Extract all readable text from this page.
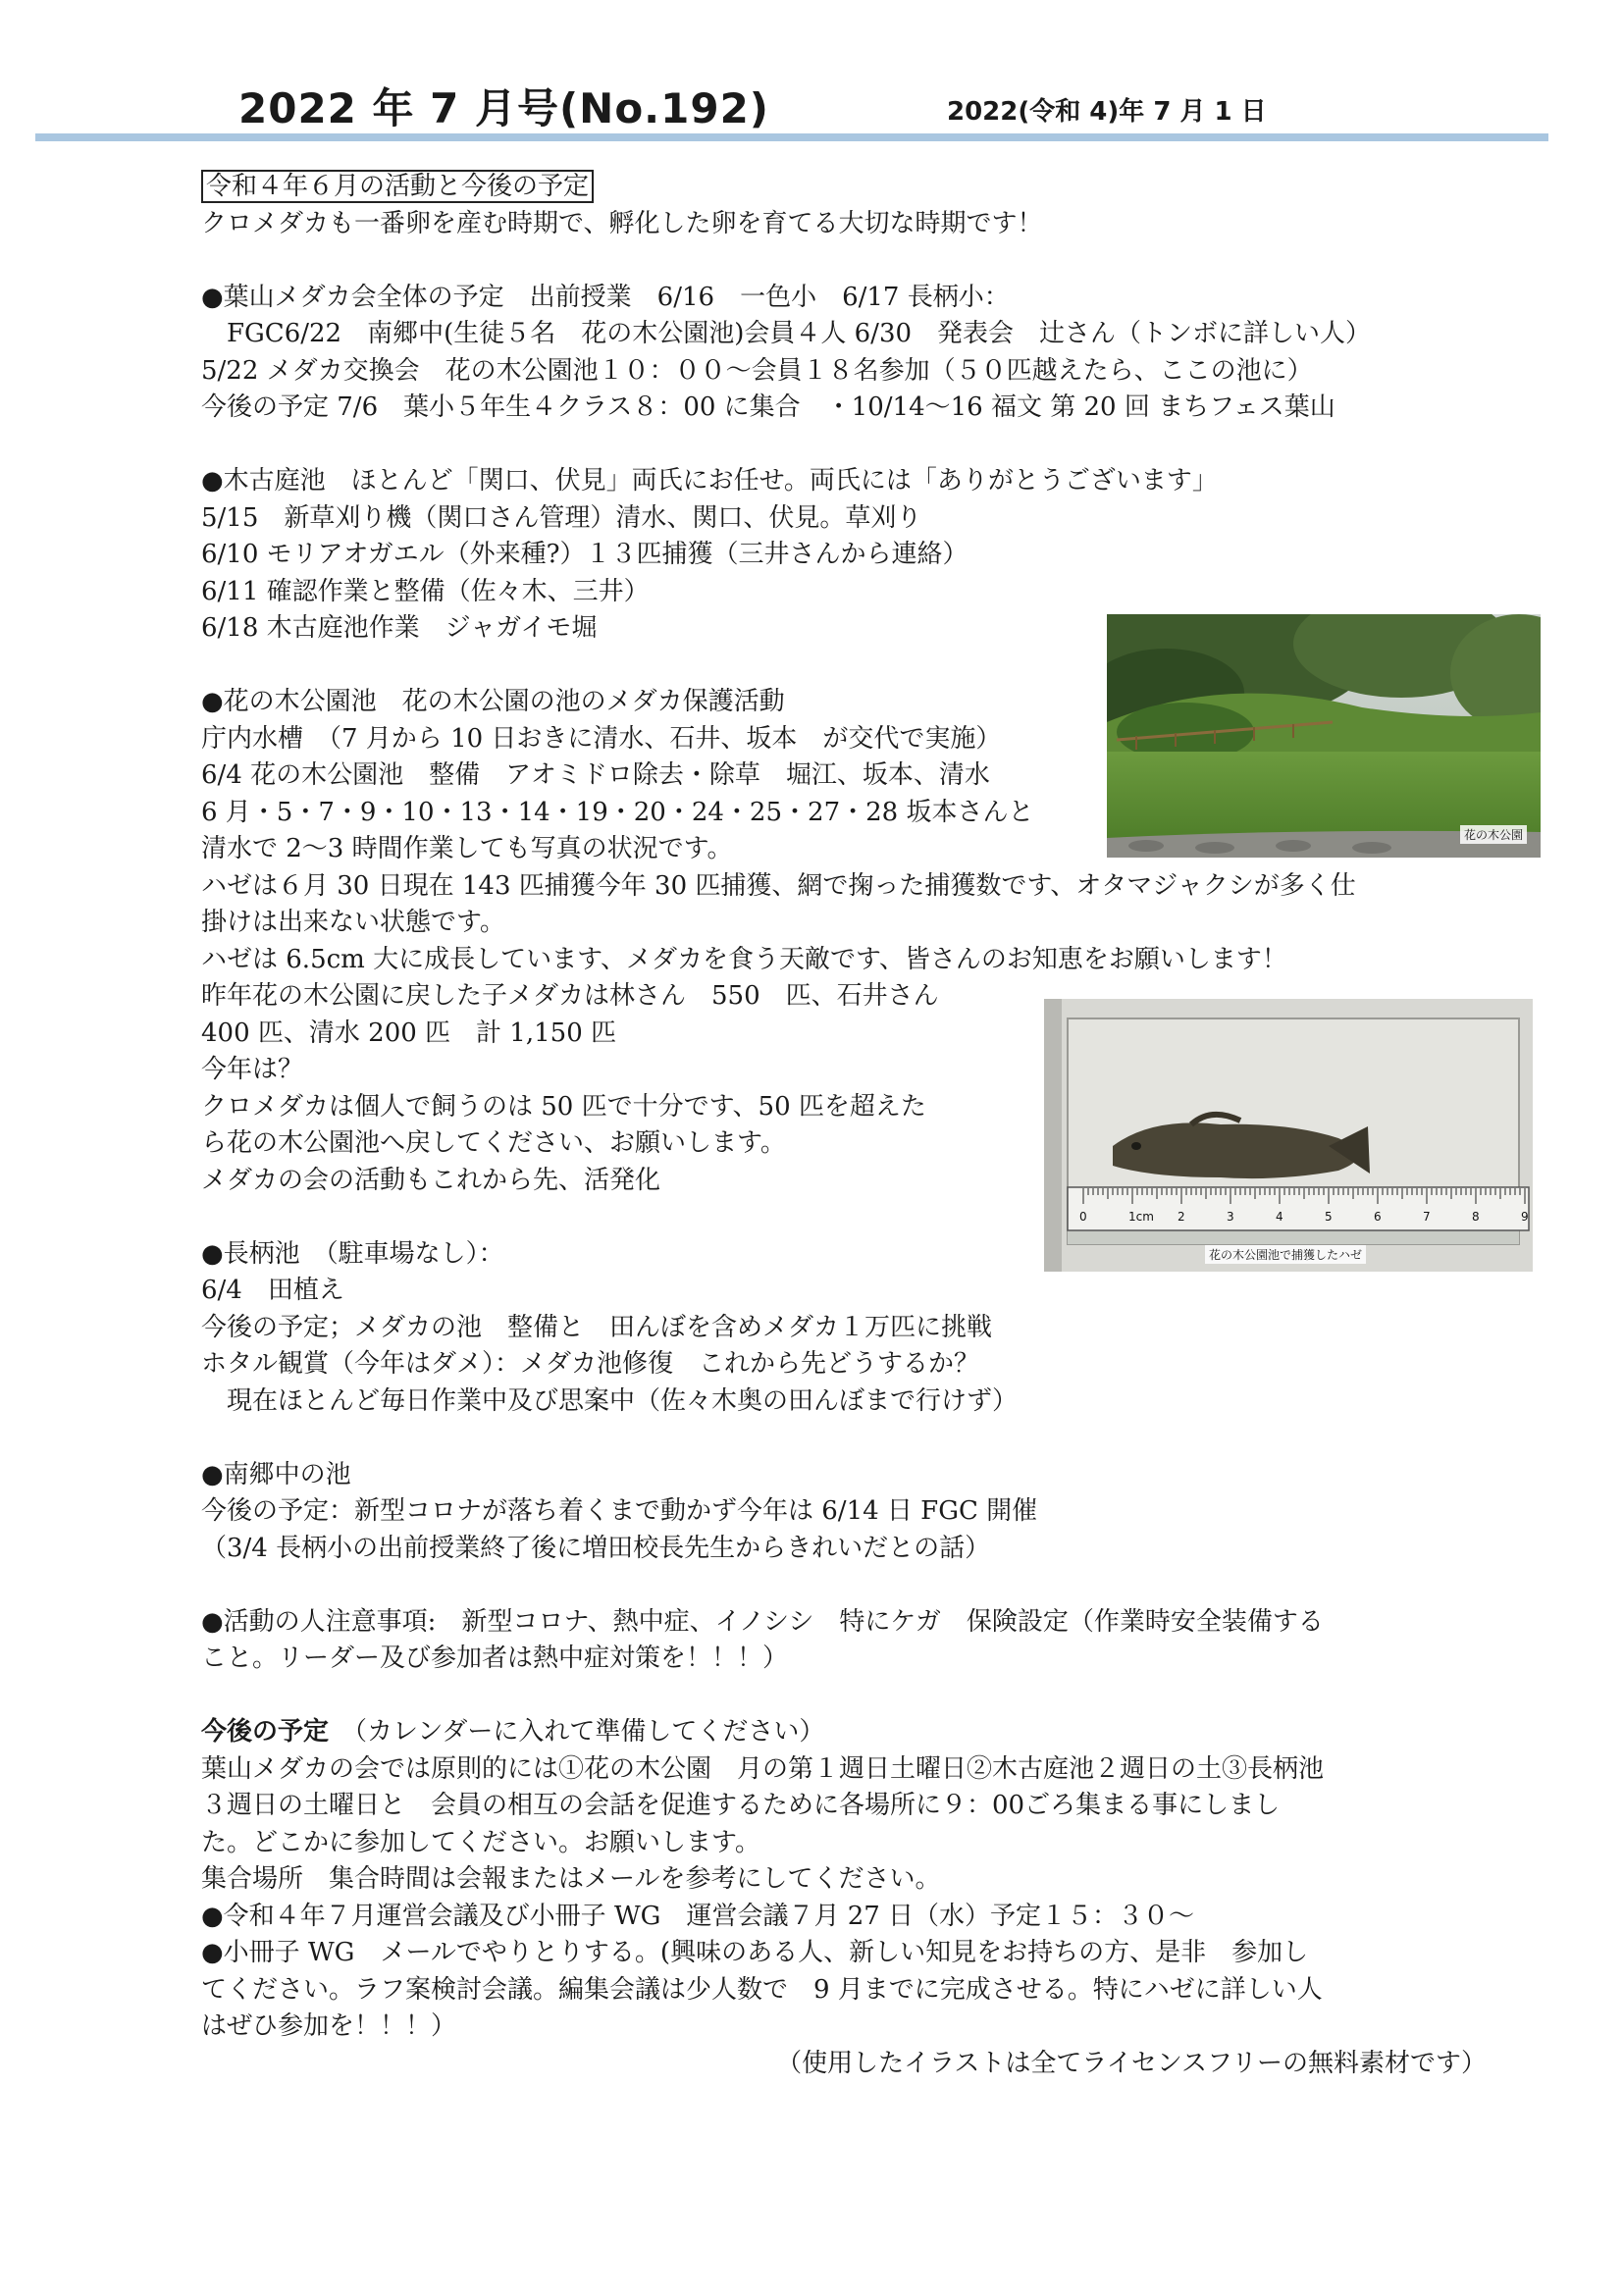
2022 年 7 月号(No.192)	2022(令和 4)年 7 月 1 日
令和４年６月の活動と今後の予定
クロメダカも一番卵を産む時期で、孵化した卵を育てる大切な時期です！
●葉山メダカ会全体の予定　出前授業　6/16　一色小　6/17 長柄小：
　FGC6/22　南郷中(生徒５名　花の木公園池)会員４人 6/30　発表会　辻さん（トンボに詳しい人）
5/22 メダカ交換会　花の木公園池１０：００～会員１８名参加（５０匹越えたら、ここの池に）
今後の予定 7/6　葉小５年生４クラス８：00 に集合　・10/14～16 福文 第 20 回 まちフェス葉山
●木古庭池　ほとんど「関口、伏見」両氏にお任せ。両氏には「ありがとうございます」
5/15　新草刈り機（関口さん管理）清水、関口、伏見。草刈り
6/10 モリアオガエル（外来種?）１３匹捕獲（三井さんから連絡）
6/11 確認作業と整備（佐々木、三井）
6/18 木古庭池作業　ジャガイモ堀
●花の木公園池　花の木公園の池のメダカ保護活動
庁内水槽　（7 月から 10 日おきに清水、石井、坂本　が交代で実施）
6/4 花の木公園池　整備　アオミドロ除去・除草　堀江、坂本、清水
6 月・5・7・9・10・13・14・19・20・24・25・27・28 坂本さんと
清水で 2～3 時間作業しても写真の状況です。
ハゼは６月 30 日現在 143 匹捕獲今年 30 匹捕獲、網で掬った捕獲数です、オタマジャクシが多く仕
掛けは出来ない状態です。
ハゼは 6.5cm 大に成長しています、メダカを食う天敵です、皆さんのお知恵をお願いします！
昨年花の木公園に戻した子メダカは林さん　550　匹、石井さん
400 匹、清水 200 匹　計 1,150 匹
今年は？
クロメダカは個人で飼うのは 50 匹で十分です、50 匹を超えた
ら花の木公園池へ戻してください、お願いします。
メダカの会の活動もこれから先、活発化
●長柄池　（駐車場なし）：
6/4　田植え
今後の予定；メダカの池　整備と　田んぼを含めメダカ１万匹に挑戦
ホタル観賞（今年はダメ）：メダカ池修復　これから先どうするか？
　現在ほとんど毎日作業中及び思案中（佐々木奥の田んぼまで行けず）
●南郷中の池
今後の予定：新型コロナが落ち着くまで動かず今年は 6/14 日 FGC 開催
（3/4 長柄小の出前授業終了後に増田校長先生からきれいだとの話）
●活動の人注意事項:　新型コロナ、熱中症、イノシシ　特にケガ　保険設定（作業時安全装備する
こと。リーダー及び参加者は熱中症対策を！！！）
今後の予定　（カレンダーに入れて準備してください）
葉山メダカの会では原則的には①花の木公園　月の第１週日土曜日②木古庭池２週日の土③長柄池
３週日の土曜日と　会員の相互の会話を促進するために各場所に９：00ごろ集まる事にしまし
た。どこかに参加してください。お願いします。
集合場所　集合時間は会報またはメールを参考にしてください。
●令和４年７月運営会議及び小冊子 WG　運営会議７月 27 日（水）予定１５：３０～
●小冊子 WG　メールでやりとりする。(興味のある人、新しい知見をお持ちの方、是非　参加し
てください。ラフ案検討会議。編集会議は少人数で　9 月までに完成させる。特にハゼに詳しい人
はぜひ参加を！！！）
（使用したイラストは全てライセンスフリーの無料素材です）
花の木公園
0	1cm 2	3	4	5	6	7	8	9
花の木公園池で捕獲したハゼ
